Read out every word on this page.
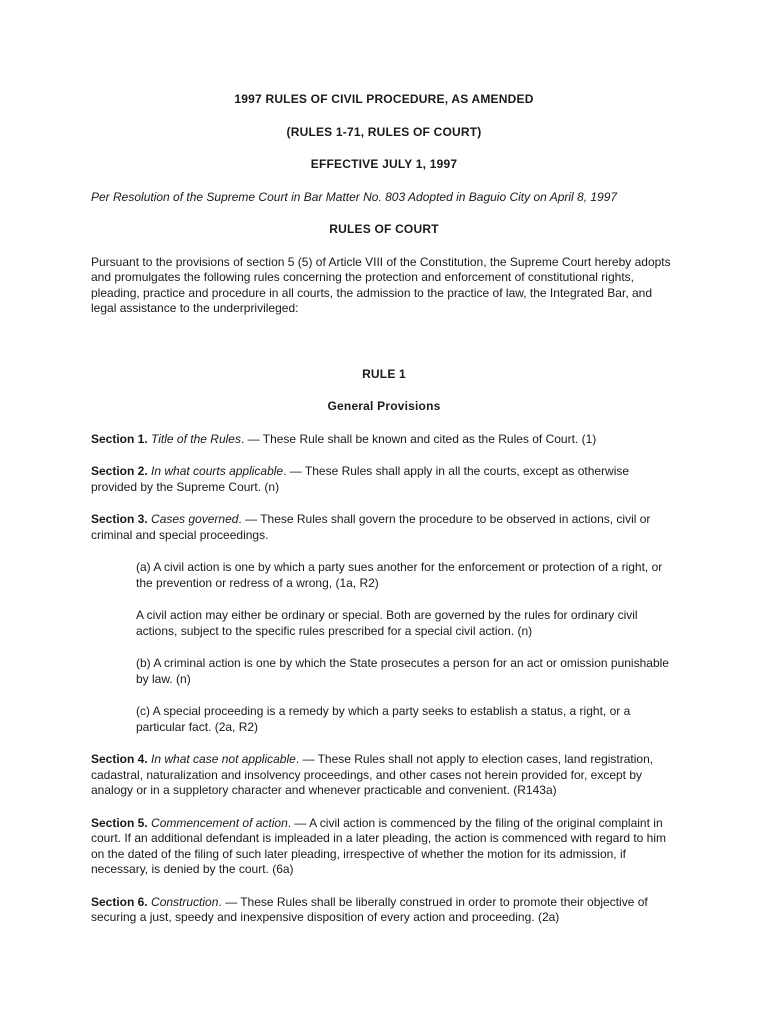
1997 RULES OF CIVIL PROCEDURE, AS AMENDED

(RULES 1-71, RULES OF COURT)

EFFECTIVE JULY 1, 1997

Per Resolution of the Supreme Court in Bar Matter No. 803 Adopted in Baguio City on April 8, 1997

RULES OF COURT

Pursuant to the provisions of section 5 (5) of Article VIII of the Constitution, the Supreme Court hereby adopts and promulgates the following rules concerning the protection and enforcement of constitutional rights, pleading, practice and procedure in all courts, the admission to the practice of law, the Integrated Bar, and legal assistance to the underprivileged:

RULE 1

General Provisions

Section 1. Title of the Rules. — These Rule shall be known and cited as the Rules of Court. (1)

Section 2. In what courts applicable. — These Rules shall apply in all the courts, except as otherwise provided by the Supreme Court. (n)

Section 3. Cases governed. — These Rules shall govern the procedure to be observed in actions, civil or criminal and special proceedings.

(a) A civil action is one by which a party sues another for the enforcement or protection of a right, or the prevention or redress of a wrong, (1a, R2)

A civil action may either be ordinary or special. Both are governed by the rules for ordinary civil actions, subject to the specific rules prescribed for a special civil action. (n)

(b) A criminal action is one by which the State prosecutes a person for an act or omission punishable by law. (n)

(c) A special proceeding is a remedy by which a party seeks to establish a status, a right, or a particular fact. (2a, R2)

Section 4. In what case not applicable. — These Rules shall not apply to election cases, land registration, cadastral, naturalization and insolvency proceedings, and other cases not herein provided for, except by analogy or in a suppletory character and whenever practicable and convenient. (R143a)

Section 5. Commencement of action. — A civil action is commenced by the filing of the original complaint in court. If an additional defendant is impleaded in a later pleading, the action is commenced with regard to him on the dated of the filing of such later pleading, irrespective of whether the motion for its admission, if necessary, is denied by the court. (6a)

Section 6. Construction. — These Rules shall be liberally construed in order to promote their objective of securing a just, speedy and inexpensive disposition of every action and proceeding. (2a)
